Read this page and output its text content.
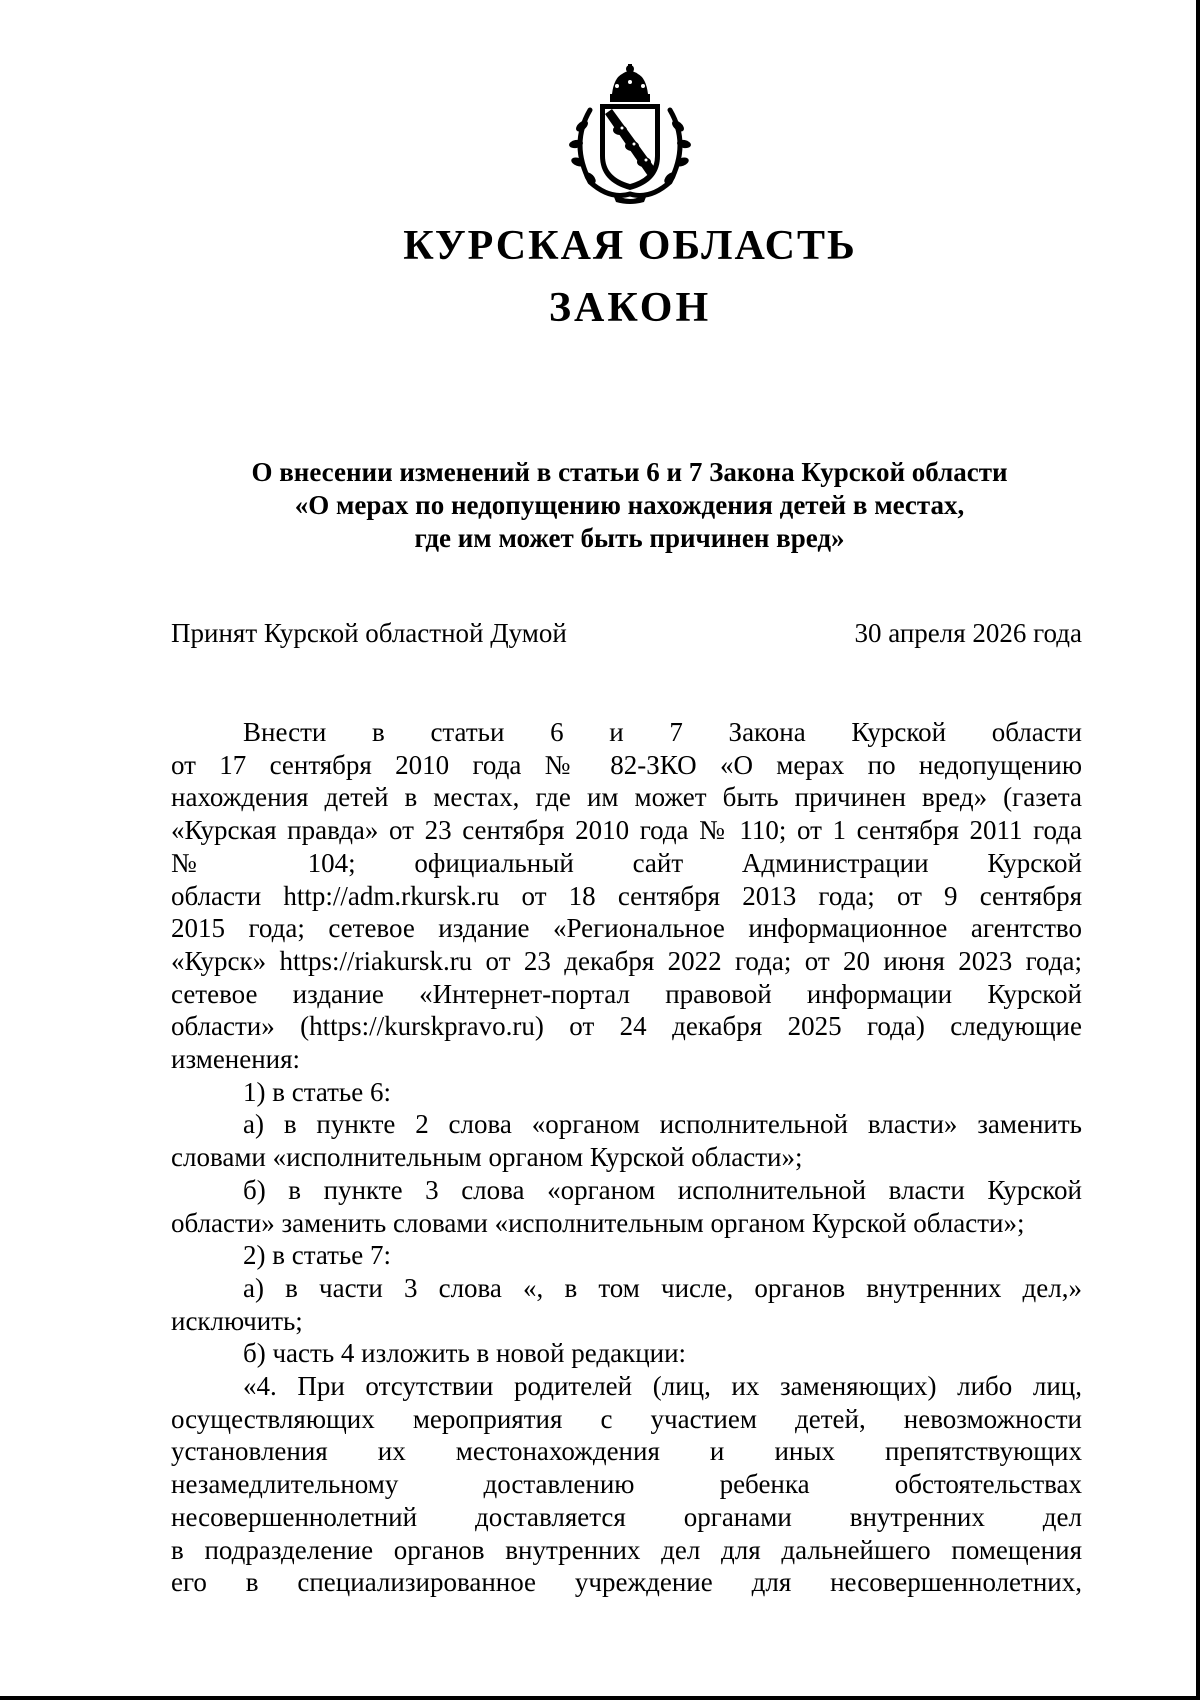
КУРСКАЯ ОБЛАСТЬ
ЗАКОН
О внесении изменений в статьи 6 и 7 Закона Курской области
«О мерах по недопущению нахождения детей в местах,
где им может быть причинен вред»
Принят Курской областной Думой	30 апреля 2026 года
Внести в статьи 6 и 7 Закона Курской области
от 17 сентября 2010 года № 82-ЗКО «О мерах по недопущению
нахождения детей в местах, где им может быть причинен вред» (газета
«Курская правда» от 23 сентября 2010 года № 110; от 1 сентября 2011 года
№ 104; официальный сайт Администрации Курской
области http://adm.rkursk.ru от 18 сентября 2013 года; от 9 сентября
2015 года; сетевое издание «Региональное информационное агентство
«Курск» https://riakursk.ru от 23 декабря 2022 года; от 20 июня 2023 года;
сетевое издание «Интернет-портал правовой информации Курской
области» (https://kurskpravo.ru) от 24 декабря 2025 года) следующие
изменения:
1) в статье 6:
а) в пункте 2 слова «органом исполнительной власти» заменить
словами «исполнительным органом Курской области»;
б) в пункте 3 слова «органом исполнительной власти Курской
области» заменить словами «исполнительным органом Курской области»;
2) в статье 7:
а) в части 3 слова «, в том числе, органов внутренних дел,»
исключить;
б) часть 4 изложить в новой редакции:
«4. При отсутствии родителей (лиц, их заменяющих) либо лиц,
осуществляющих мероприятия с участием детей, невозможности
установления их местонахождения и иных препятствующих
незамедлительному доставлению ребенка обстоятельствах
несовершеннолетний доставляется органами внутренних дел
в подразделение органов внутренних дел для дальнейшего помещения
его в специализированное учреждение для несовершеннолетних,
